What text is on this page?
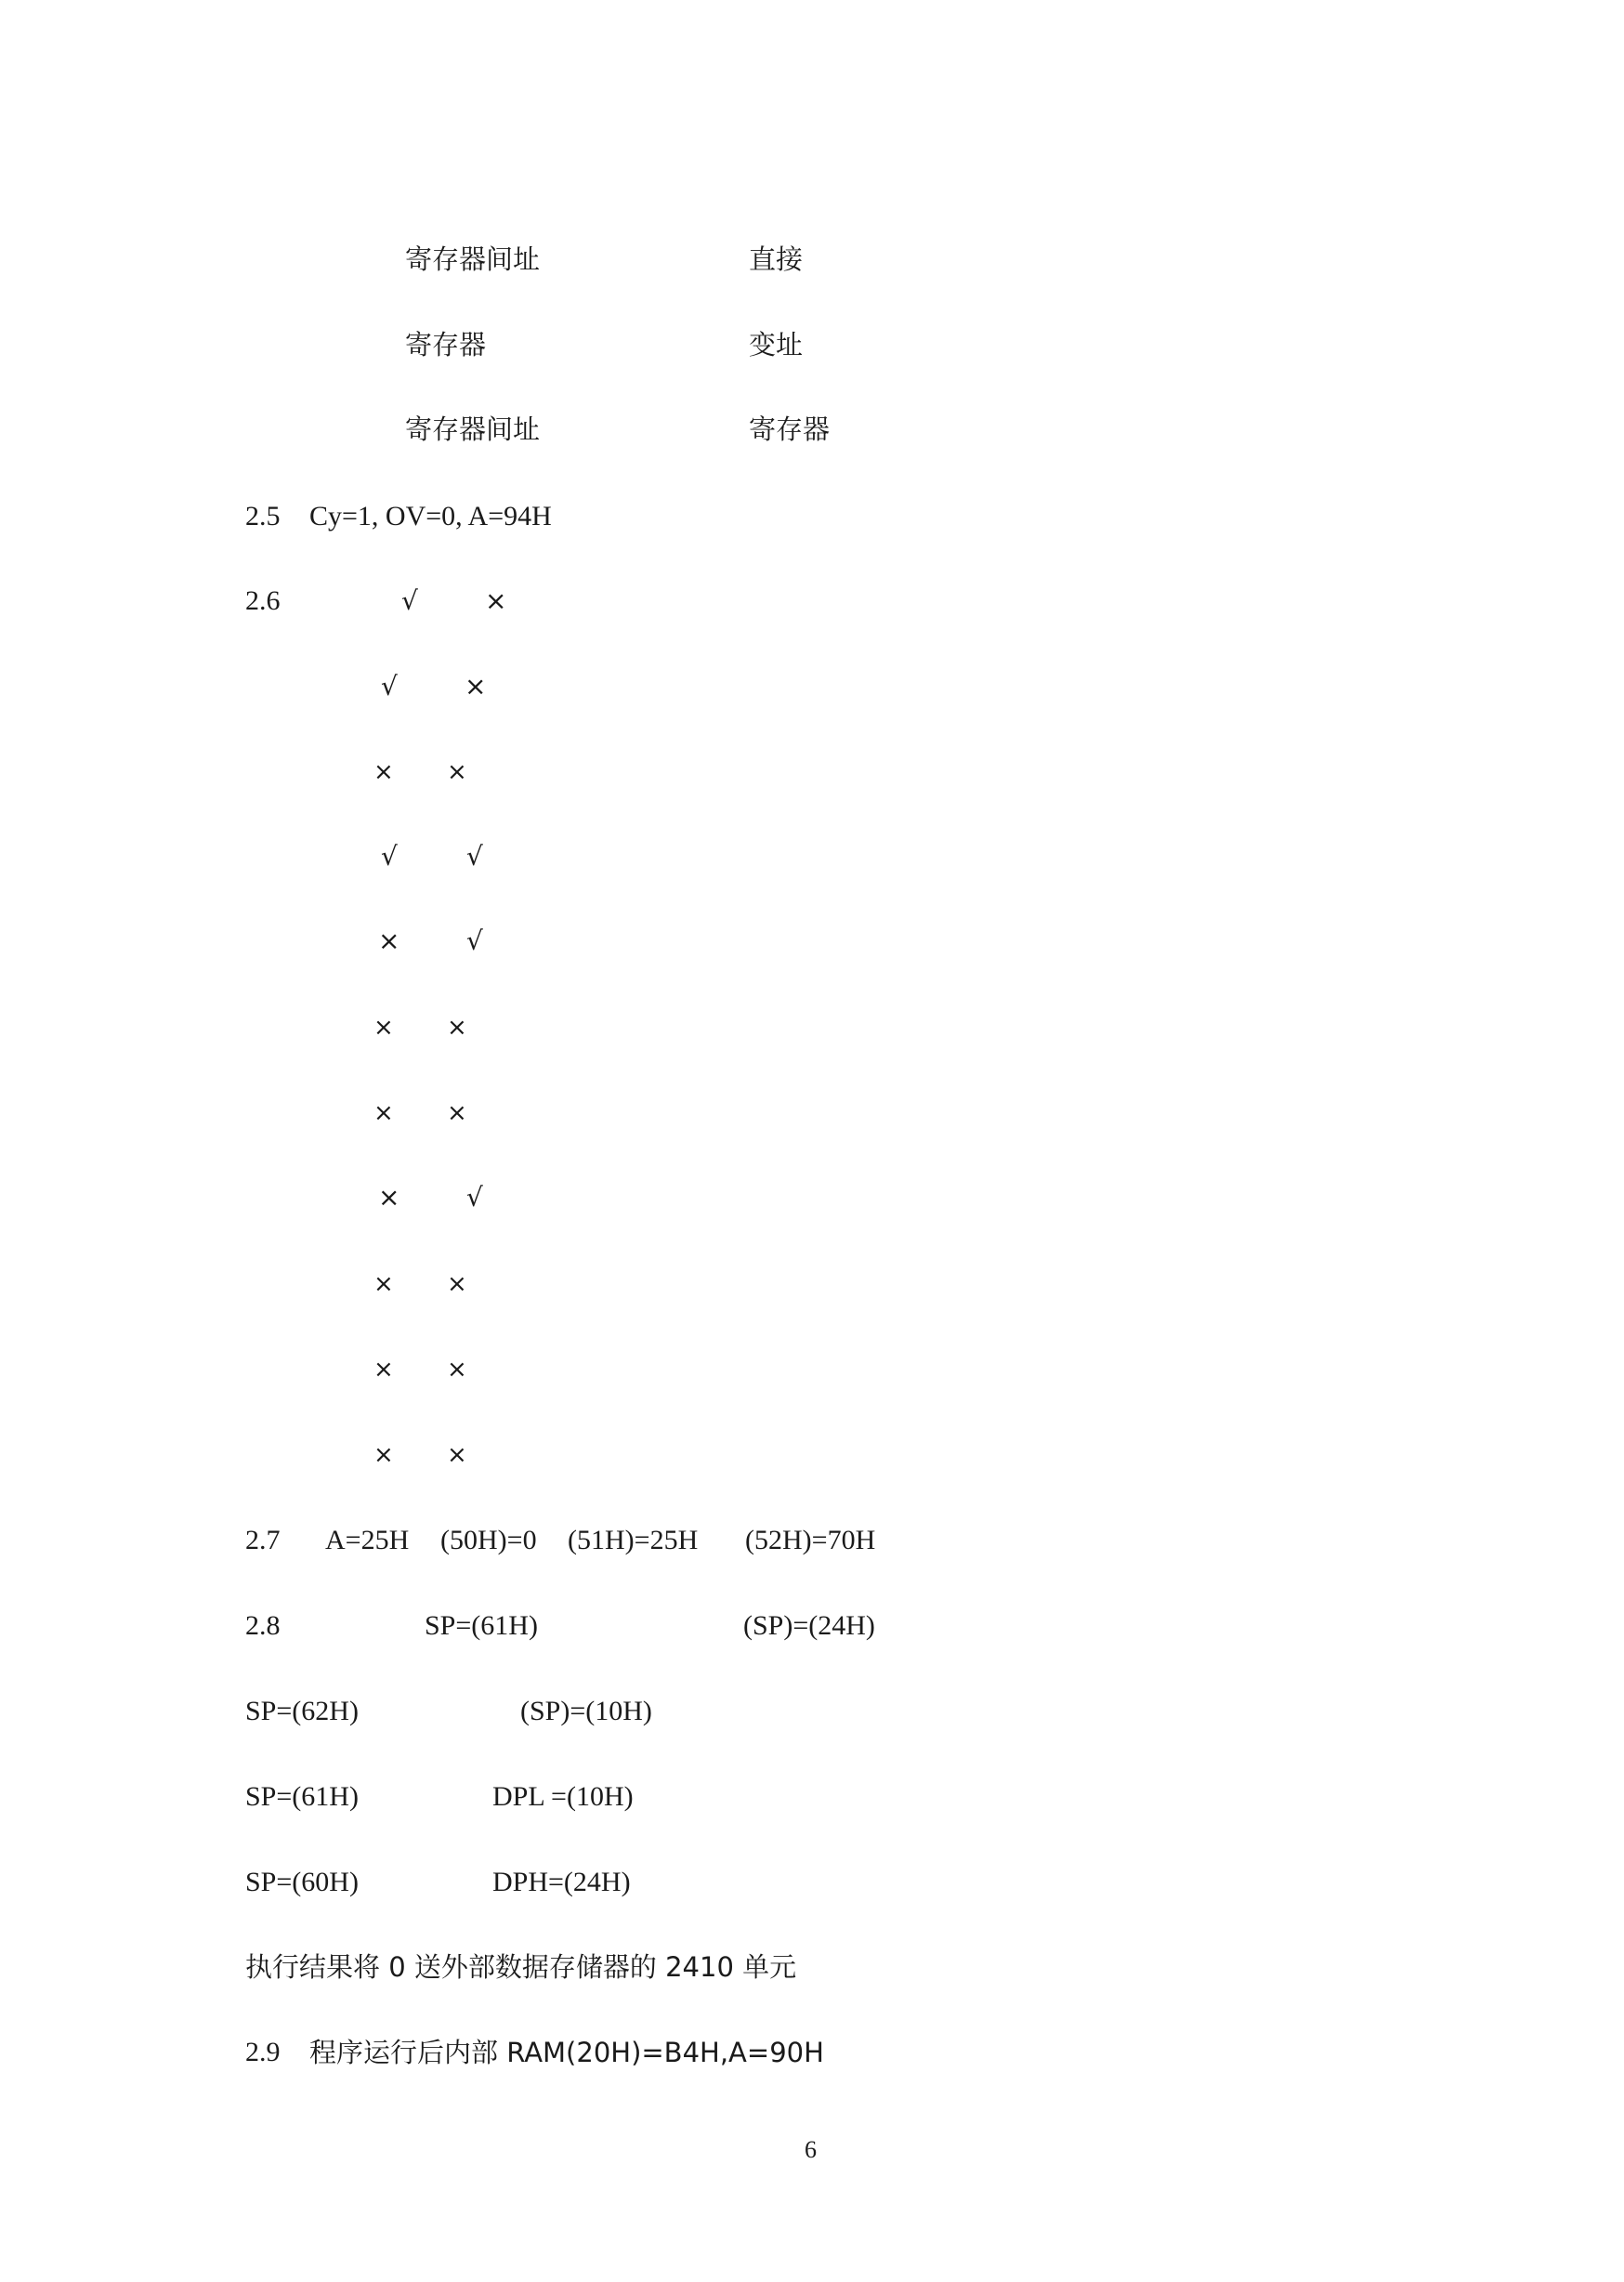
寄存器间址	直接
寄存器	变址
寄存器间址	寄存器
2.5 Cy=1, OV=0, A=94H
2.6	√	×
√	×
× ×
√	√
×	√
× ×
× ×
×	√
× ×
× ×
× ×
2.7 A=25H (50H)=0 (51H)=25H (52H)=70H
2.8	SP=(61H)	(SP)=(24H)
SP=(62H)	(SP)=(10H)
SP=(61H)	DPL =(10H)
SP=(60H)	DPH=(24H)
执行结果将 0 送外部数据存储器的 2410 单元
2.9 程序运行后内部 RAM(20H)=B4H,A=90H
6
